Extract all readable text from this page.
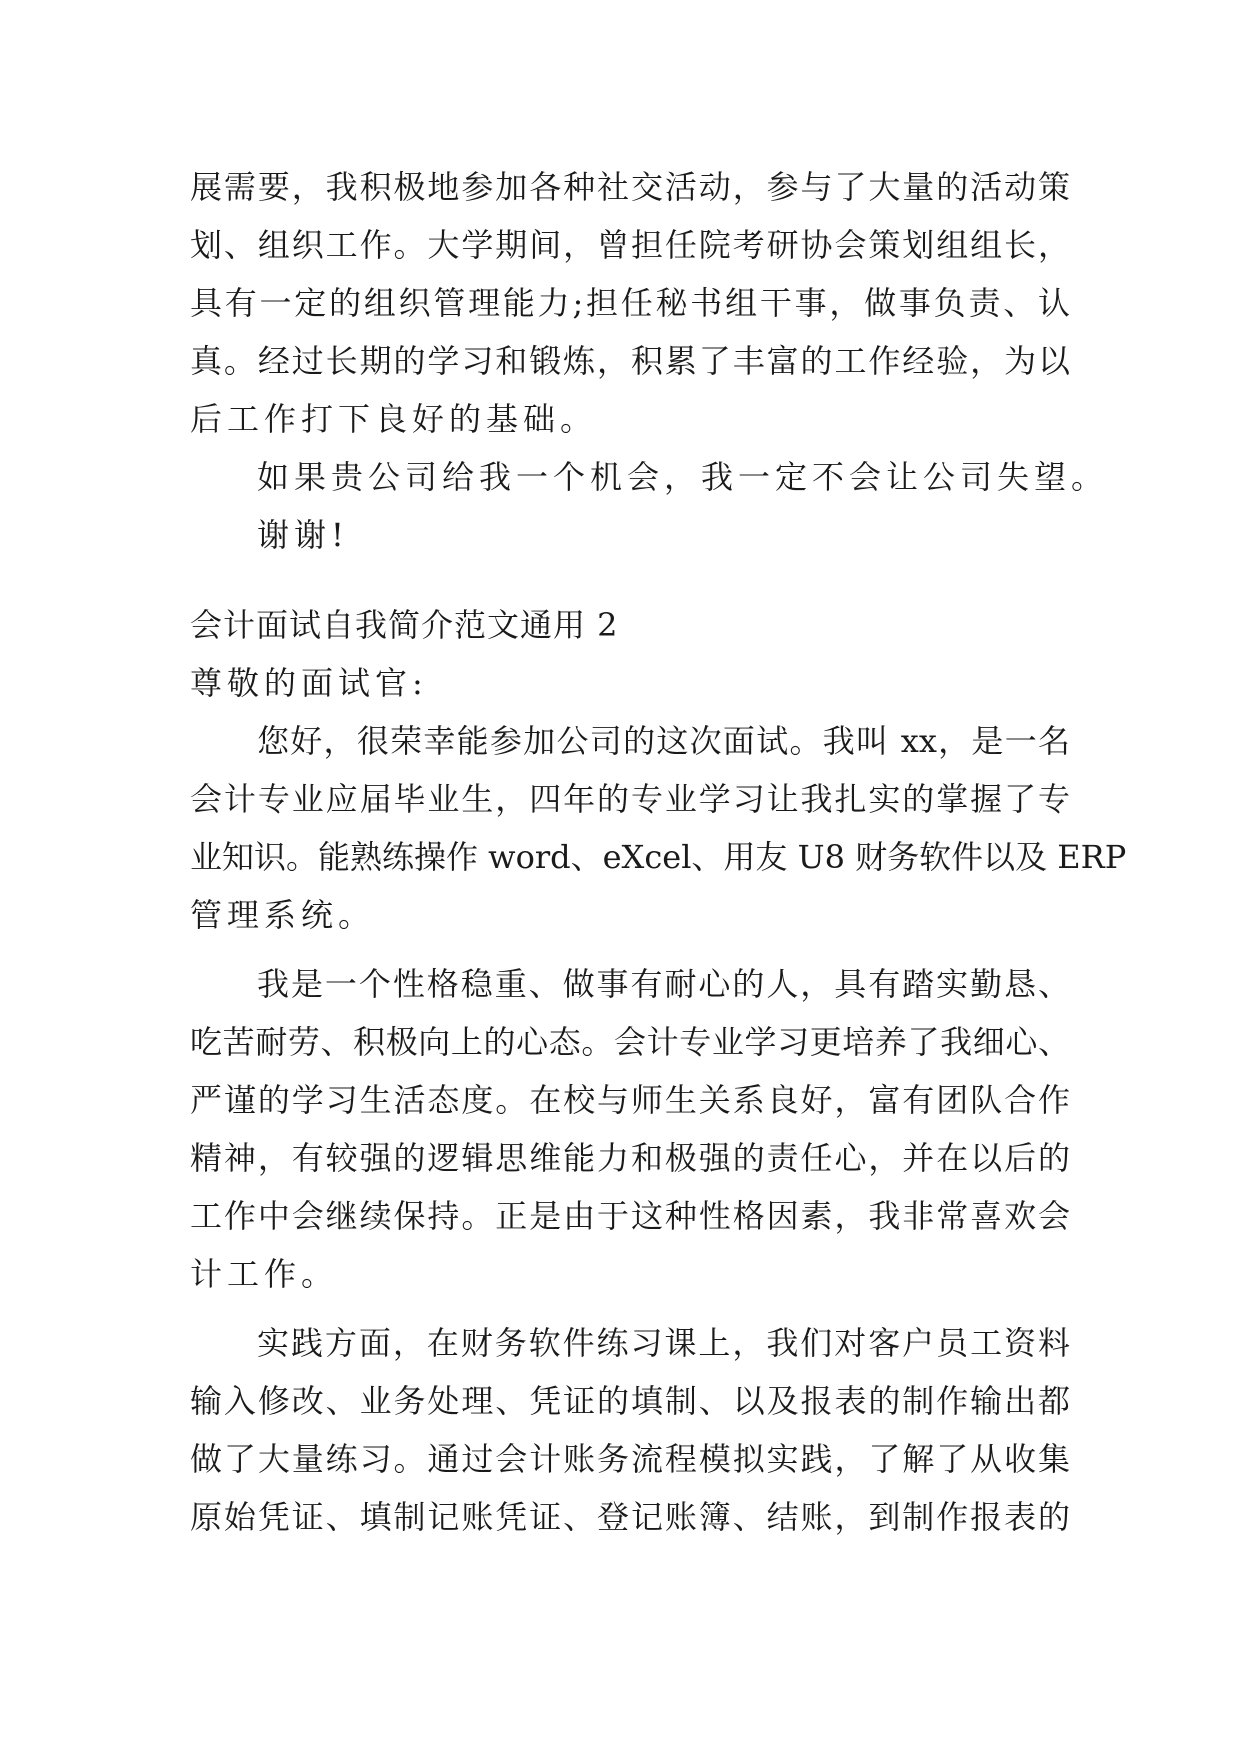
展需要，我积极地参加各种社交活动，参与了大量的活动策
划、组织工作。大学期间，曾担任院考研协会策划组组长，
具有一定的组织管理能力;担任秘书组干事，做事负责、认
真。经过长期的学习和锻炼，积累了丰富的工作经验，为以
后工作打下良好的基础。
如果贵公司给我一个机会，我一定不会让公司失望。
谢谢!
会计面试自我简介范文通用 2
尊敬的面试官:
您好，很荣幸能参加公司的这次面试。我叫 xx，是一名
会计专业应届毕业生，四年的专业学习让我扎实的掌握了专
业知识。能熟练操作 word、eXcel、用友 U8 财务软件以及 ERP
管理系统。
我是一个性格稳重、做事有耐心的人，具有踏实勤恳、
吃苦耐劳、积极向上的心态。会计专业学习更培养了我细心、
严谨的学习生活态度。在校与师生关系良好，富有团队合作
精神，有较强的逻辑思维能力和极强的责任心，并在以后的
工作中会继续保持。正是由于这种性格因素，我非常喜欢会
计工作。
实践方面，在财务软件练习课上，我们对客户员工资料
输入修改、业务处理、凭证的填制、以及报表的制作输出都
做了大量练习。通过会计账务流程模拟实践，了解了从收集
原始凭证、填制记账凭证、登记账簿、结账，到制作报表的
